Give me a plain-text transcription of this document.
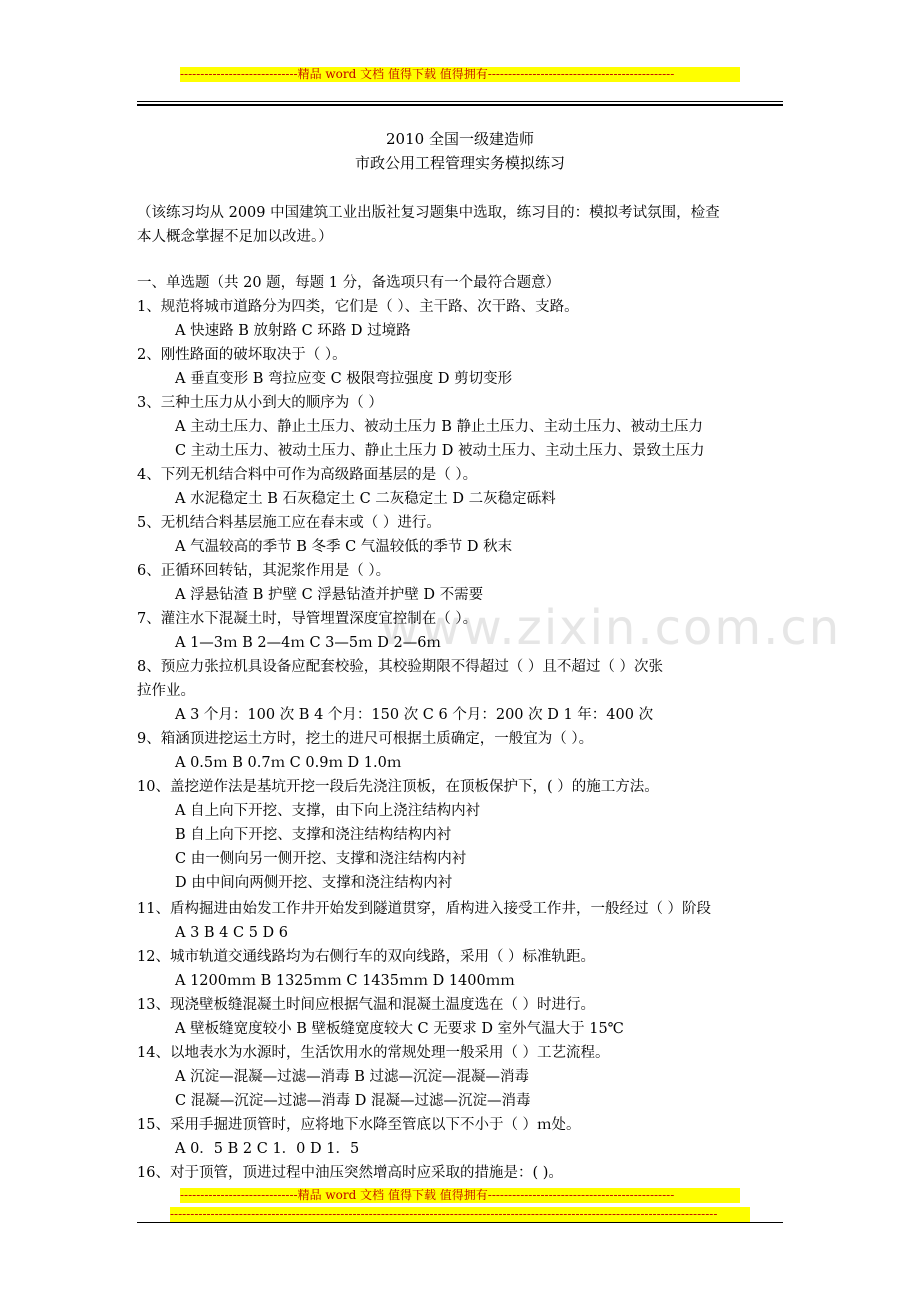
-----------------------------精品 word 文档 值得下载 值得拥有----------------------------------------------
www.zixin.com.cn
2010 全国一级建造师
市政公用工程管理实务模拟练习
（该练习均从 2009 中国建筑工业出版社复习题集中选取，练习目的：模拟考试氛围，检查
本人概念掌握不足加以改进。）
一、单选题（共 20 题，每题 1 分，备选项只有一个最符合题意）
1、规范将城市道路分为四类，它们是（ ）、主干路、次干路、支路。
A 快速路 B 放射路 C 环路 D 过境路
2、刚性路面的破坏取决于（ ）。
A 垂直变形 B 弯拉应变 C 极限弯拉强度 D 剪切变形
3、三种土压力从小到大的顺序为（ ）
A 主动土压力、静止土压力、被动土压力 B 静止土压力、主动土压力、被动土压力
C 主动土压力、被动土压力、静止土压力 D 被动土压力、主动土压力、景致土压力
4、下列无机结合料中可作为高级路面基层的是（ ）。
A 水泥稳定土 B 石灰稳定土 C 二灰稳定土 D 二灰稳定砾料
5、无机结合料基层施工应在春末或（ ）进行。
A 气温较高的季节 B 冬季 C 气温较低的季节 D 秋末
6、正循环回转钻，其泥浆作用是（ ）。
A 浮悬钻渣 B 护壁 C 浮悬钻渣并护壁 D 不需要
7、灌注水下混凝土时，导管埋置深度宜控制在（ ）。
A 1—3ｍ B 2—4ｍ C 3—5ｍ D 2—6ｍ
8、预应力张拉机具设备应配套校验，其校验期限不得超过（ ）且不超过（ ）次张
拉作业。
A 3 个月：100 次 B 4 个月：150 次 C 6 个月：200 次 D 1 年：400 次
9、箱涵顶进挖运土方时，挖土的进尺可根据土质确定，一般宜为（ ）。
A 0.5ｍ B 0.7ｍ C 0.9ｍ D 1.0ｍ
10、盖挖逆作法是基坑开挖一段后先浇注顶板，在顶板保护下，( ）的施工方法。
A 自上向下开挖、支撑，由下向上浇注结构内衬
B 自上向下开挖、支撑和浇注结构结构内衬
C 由一侧向另一侧开挖、支撑和浇注结构内衬
D 由中间向两侧开挖、支撑和浇注结构内衬
11、盾构掘进由始发工作井开始发到隧道贯穿，盾构进入接受工作井，一般经过（ ）阶段
A 3 B 4 C 5 D 6
12、城市轨道交通线路均为右侧行车的双向线路，采用（ ）标准轨距。
A 1200ｍｍ B 1325ｍｍ C 1435ｍｍ D 1400ｍｍ
13、现浇壁板缝混凝土时间应根据气温和混凝土温度选在（ ）时进行。
A 壁板缝宽度较小 B 壁板缝宽度较大 C 无要求 D 室外气温大于 15℃
14、以地表水为水源时，生活饮用水的常规处理一般采用（ ）工艺流程。
A 沉淀—混凝—过滤—消毒 B 过滤—沉淀—混凝—消毒
C 混凝—沉淀—过滤—消毒 D 混凝—过滤—沉淀—消毒
15、采用手掘进顶管时，应将地下水降至管底以下不小于（ ）ｍ处。
A 0．5 B 2 C 1．0 D 1．5
16、对于顶管，顶进过程中油压突然增高时应采取的措施是：( )。
-----------------------------精品 word 文档 值得下载 值得拥有----------------------------------------------
---------------------------------------------------------------------------------------------------------------------------------------
